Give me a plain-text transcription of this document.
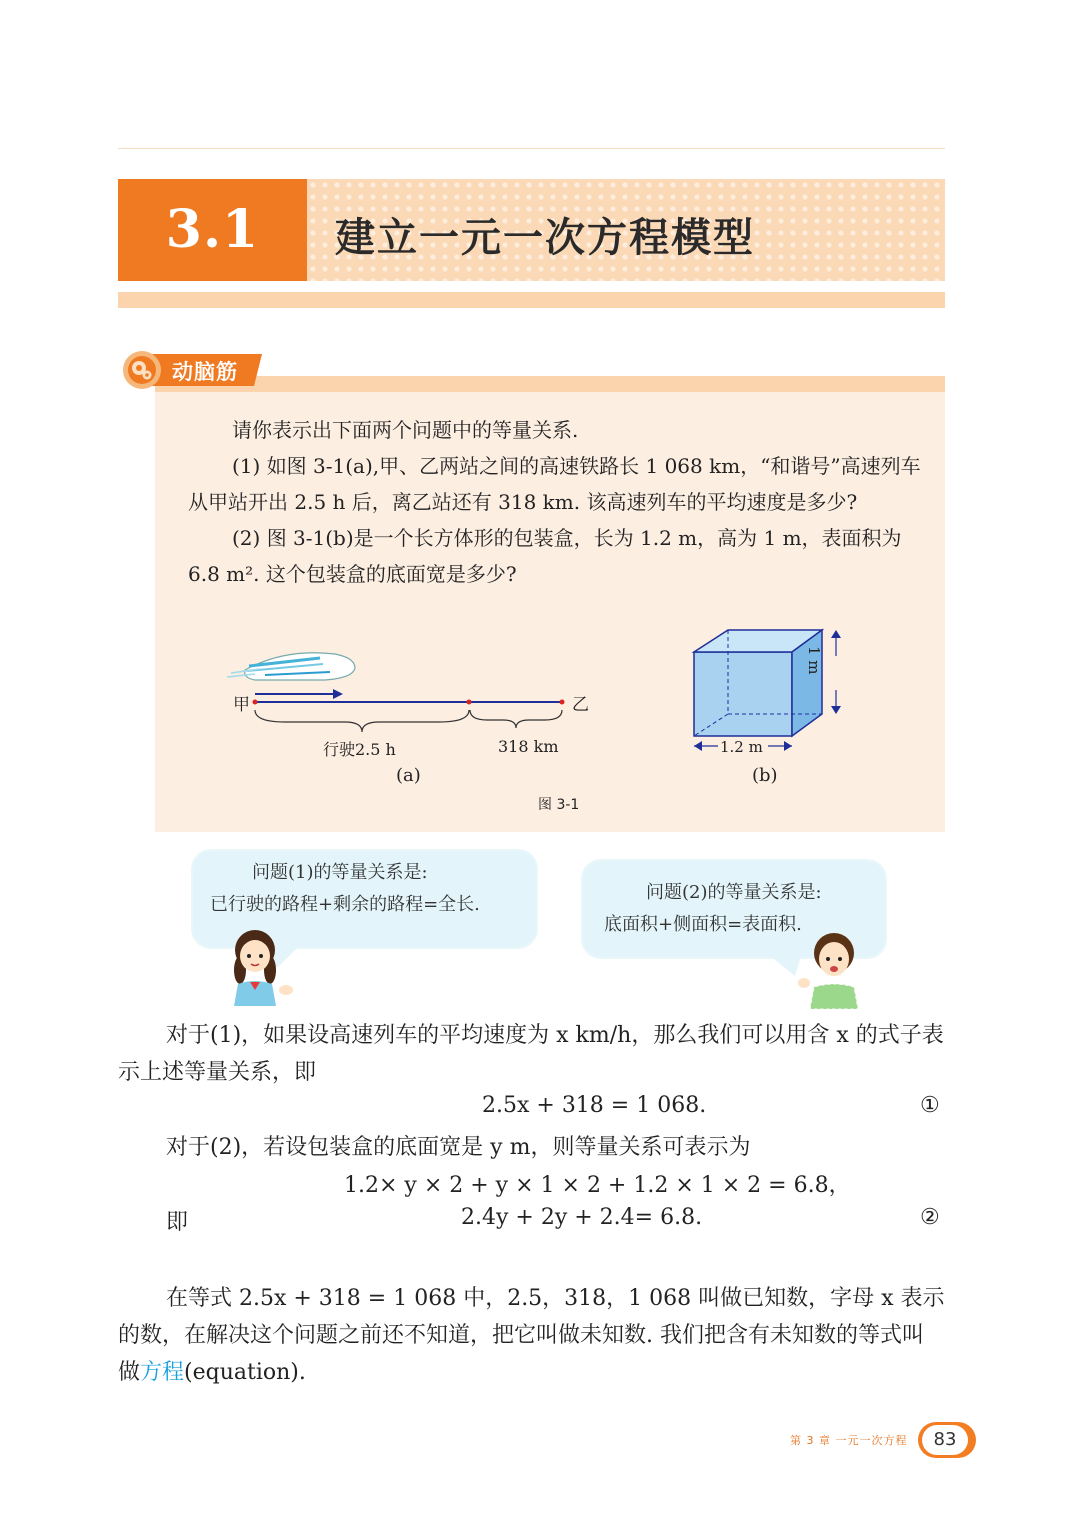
3.1	建立一元一次方程模型
动脑筋

请你表示出下面两个问题中的等量关系.

(1) 如图 3-1(a),甲、乙两站之间的高速铁路长 1 068 km，“和谐号”高速列车从甲站开出 2.5 h 后，离乙站还有 318 km. 该高速列车的平均速度是多少?

(2) 图 3-1(b)是一个长方体形的包装盒，长为 1.2 m，高为 1 m，表面积为6.8 m². 这个包装盒的底面宽是多少?

甲	乙
行驶2.5 h	318 km
(a)
1 m
1.2 m
(b)
图 3-1
问题(1)的等量关系是:
已行驶的路程+剩余的路程=全长.
问题(2)的等量关系是:
底面积+侧面积=表面积.
对于(1)，如果设高速列车的平均速度为 x km/h，那么我们可以用含 x 的式子表示上述等量关系，即
2.5x + 318 = 1 068.	①
对于(2)，若设包装盒的底面宽是 y m，则等量关系可表示为
1.2× y × 2 + y × 1 × 2 + 1.2 × 1 × 2 = 6.8，
即	2.4y + 2y + 2.4= 6.8.	②
在等式 2.5x + 318 = 1 068 中，2.5，318，1 068 叫做已知数，字母 x 表示的数，在解决这个问题之前还不知道，把它叫做未知数. 我们把含有未知数的等式叫做方程(equation).
第 3 章 一元一次方程	83
